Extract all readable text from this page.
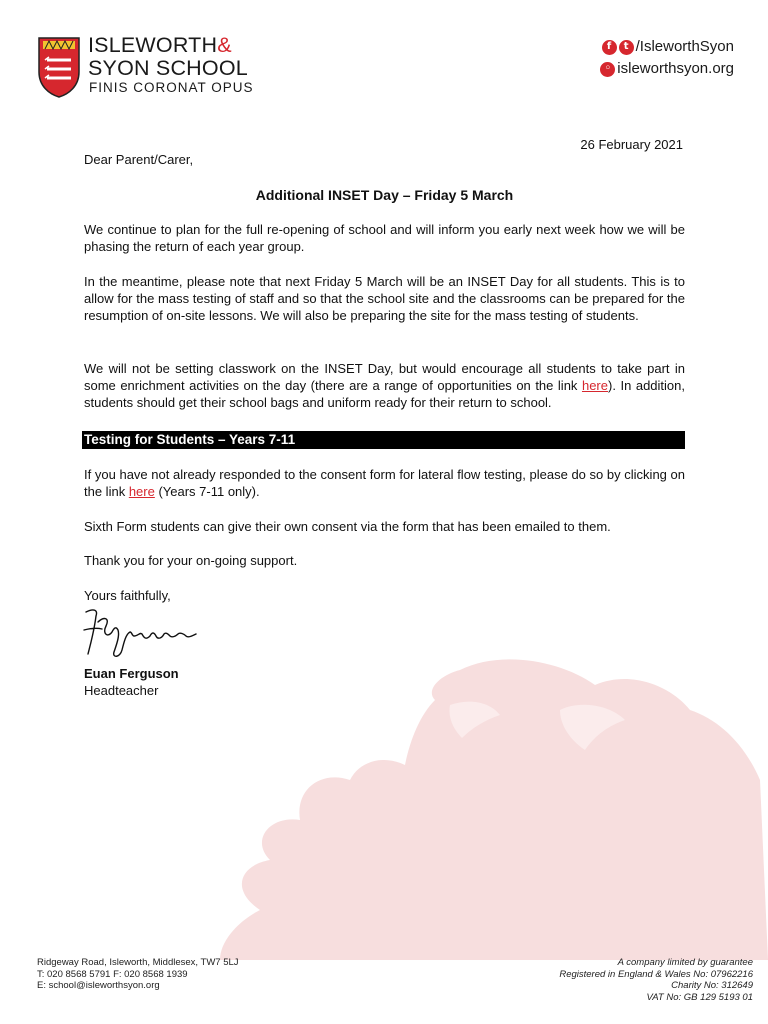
ISLEWORTH&
SYON SCHOOL
FINIS CORONAT OPUS
f	t /IsleworthSyon
◦ isleworthsyon.org
26 February 2021
Dear Parent/Carer,
Additional INSET Day – Friday 5 March
We continue to plan for the full re-opening of school and will inform you early next week how we will be phasing the return of each year group.
In the meantime, please note that next Friday 5 March will be an INSET Day for all students. This is to allow for the mass testing of staff and so that the school site and the classrooms can be prepared for the resumption of on-site lessons. We will also be preparing the site for the mass testing of students.
We will not be setting classwork on the INSET Day, but would encourage all students to take part in some enrichment activities on the day (there are a range of opportunities on the link here). In addition, students should get their school bags and uniform ready for their return to school.
Testing for Students – Years 7-11
If you have not already responded to the consent form for lateral flow testing, please do so by clicking on the link here (Years 7-11 only).
Sixth Form students can give their own consent via the form that has been emailed to them.
Thank you for your on-going support.
Yours faithfully,
Euan Ferguson
Headteacher
Ridgeway Road, Isleworth, Middlesex, TW7 5LJ
T: 020 8568 5791 F: 020 8568 1939
E: school@isleworthsyon.org
A company limited by guarantee
Registered in England & Wales No: 07962216
Charity No: 312649
VAT No: GB 129 5193 01
